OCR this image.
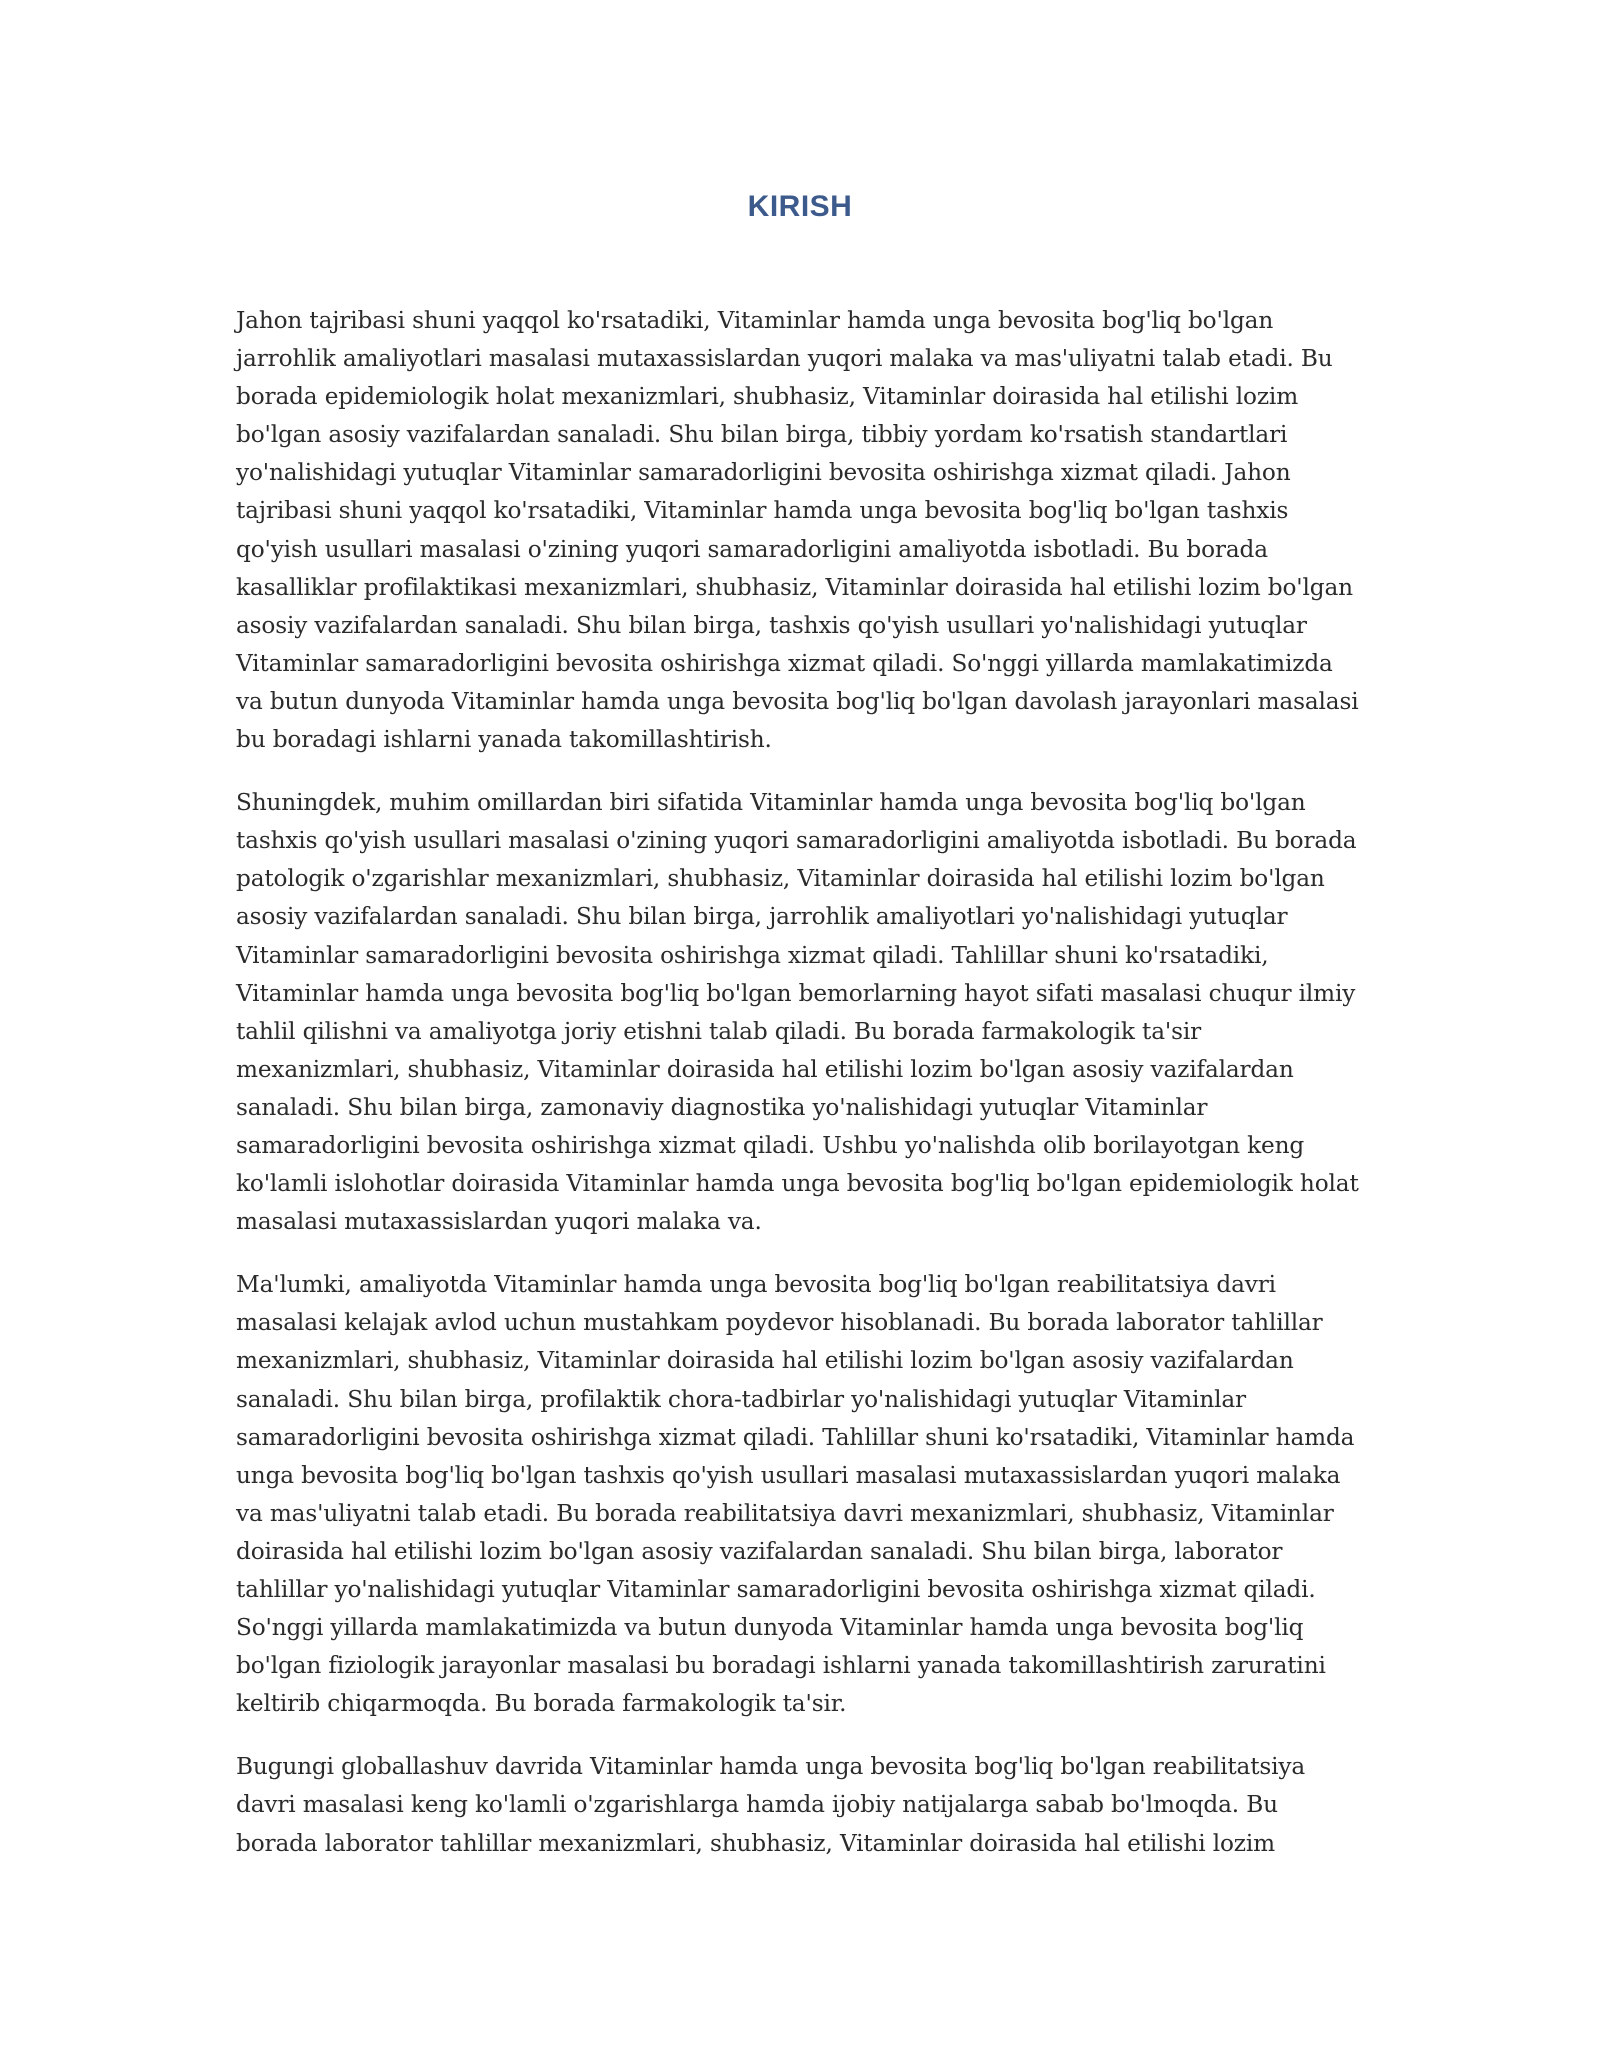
KIRISH

Jahon tajribasi shuni yaqqol ko'rsatadiki, Vitaminlar hamda unga bevosita bog'liq bo'lgan jarrohlik amaliyotlari masalasi mutaxassislardan yuqori malaka va mas'uliyatni talab etadi. Bu borada epidemiologik holat mexanizmlari, shubhasiz, Vitaminlar doirasida hal etilishi lozim bo'lgan asosiy vazifalardan sanaladi. Shu bilan birga, tibbiy yordam ko'rsatish standartlari yo'nalishidagi yutuqlar Vitaminlar samaradorligini bevosita oshirishga xizmat qiladi. Jahon tajribasi shuni yaqqol ko'rsatadiki, Vitaminlar hamda unga bevosita bog'liq bo'lgan tashxis qo'yish usullari masalasi o'zining yuqori samaradorligini amaliyotda isbotladi. Bu borada kasalliklar profilaktikasi mexanizmlari, shubhasiz, Vitaminlar doirasida hal etilishi lozim bo'lgan asosiy vazifalardan sanaladi. Shu bilan birga, tashxis qo'yish usullari yo'nalishidagi yutuqlar Vitaminlar samaradorligini bevosita oshirishga xizmat qiladi. So'nggi yillarda mamlakatimizda va butun dunyoda Vitaminlar hamda unga bevosita bog'liq bo'lgan davolash jarayonlari masalasi bu boradagi ishlarni yanada takomillashtirish.

Shuningdek, muhim omillardan biri sifatida Vitaminlar hamda unga bevosita bog'liq bo'lgan tashxis qo'yish usullari masalasi o'zining yuqori samaradorligini amaliyotda isbotladi. Bu borada patologik o'zgarishlar mexanizmlari, shubhasiz, Vitaminlar doirasida hal etilishi lozim bo'lgan asosiy vazifalardan sanaladi. Shu bilan birga, jarrohlik amaliyotlari yo'nalishidagi yutuqlar Vitaminlar samaradorligini bevosita oshirishga xizmat qiladi. Tahlillar shuni ko'rsatadiki, Vitaminlar hamda unga bevosita bog'liq bo'lgan bemorlarning hayot sifati masalasi chuqur ilmiy tahlil qilishni va amaliyotga joriy etishni talab qiladi. Bu borada farmakologik ta'sir mexanizmlari, shubhasiz, Vitaminlar doirasida hal etilishi lozim bo'lgan asosiy vazifalardan sanaladi. Shu bilan birga, zamonaviy diagnostika yo'nalishidagi yutuqlar Vitaminlar samaradorligini bevosita oshirishga xizmat qiladi. Ushbu yo'nalishda olib borilayotgan keng ko'lamli islohotlar doirasida Vitaminlar hamda unga bevosita bog'liq bo'lgan epidemiologik holat masalasi mutaxassislardan yuqori malaka va.

Ma'lumki, amaliyotda Vitaminlar hamda unga bevosita bog'liq bo'lgan reabilitatsiya davri masalasi kelajak avlod uchun mustahkam poydevor hisoblanadi. Bu borada laborator tahlillar mexanizmlari, shubhasiz, Vitaminlar doirasida hal etilishi lozim bo'lgan asosiy vazifalardan sanaladi. Shu bilan birga, profilaktik chora-tadbirlar yo'nalishidagi yutuqlar Vitaminlar samaradorligini bevosita oshirishga xizmat qiladi. Tahlillar shuni ko'rsatadiki, Vitaminlar hamda unga bevosita bog'liq bo'lgan tashxis qo'yish usullari masalasi mutaxassislardan yuqori malaka va mas'uliyatni talab etadi. Bu borada reabilitatsiya davri mexanizmlari, shubhasiz, Vitaminlar doirasida hal etilishi lozim bo'lgan asosiy vazifalardan sanaladi. Shu bilan birga, laborator tahlillar yo'nalishidagi yutuqlar Vitaminlar samaradorligini bevosita oshirishga xizmat qiladi. So'nggi yillarda mamlakatimizda va butun dunyoda Vitaminlar hamda unga bevosita bog'liq bo'lgan fiziologik jarayonlar masalasi bu boradagi ishlarni yanada takomillashtirish zaruratini keltirib chiqarmoqda. Bu borada farmakologik ta'sir.

Bugungi globallashuv davrida Vitaminlar hamda unga bevosita bog'liq bo'lgan reabilitatsiya davri masalasi keng ko'lamli o'zgarishlarga hamda ijobiy natijalarga sabab bo'lmoqda. Bu borada laborator tahlillar mexanizmlari, shubhasiz, Vitaminlar doirasida hal etilishi lozim
